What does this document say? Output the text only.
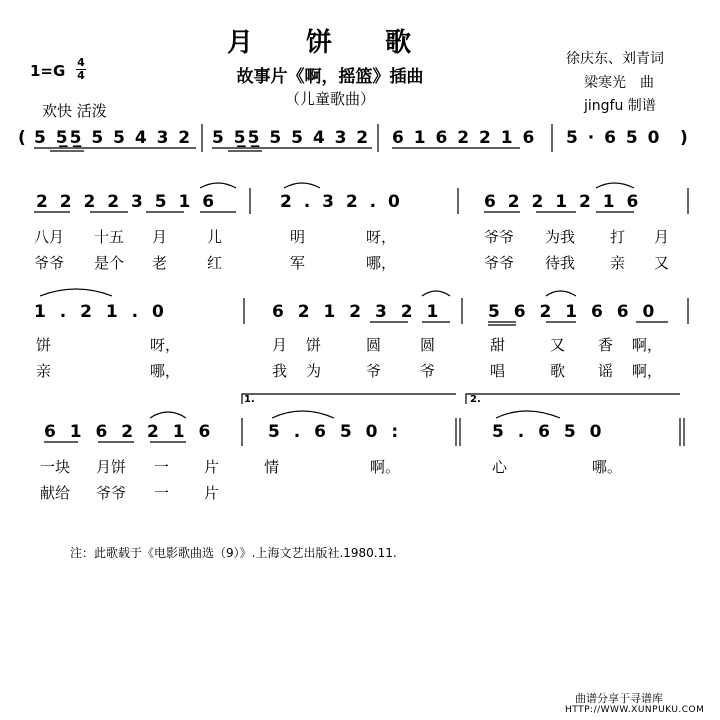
月 饼 歌
故事片《啊，摇篮》插曲
（儿童歌曲）
徐庆东、刘青词
梁寒光　曲
jingfu 制谱
1=G 4
4
欢快 活泼
( 5 5̲5̲ 5 5 4 3 2 5 5̲5̲ 5 5 4 3 2 6 1 6 2 2 1 6 5 · 6 5 0 )
2 2 2 2 3 5 1 6	2 . 3 2 . 0	6 2 2 1 2 1 6
八月 十五 月	儿	明	呀，	爷爷 为我 打 月
爷爷 是个 老	红	军	哪，	爷爷 待我 亲 又
1 . 2 1 . 0	6 2 1 2 3 2 1	5 6 2 1 6 6 0
饼	呀，	月 饼	圆	圆	甜	又 香 啊，
亲	哪，	我 为	爷	爷	唱	歌 谣 啊，
1.	2.
6 1 6 2 2 1 6	5 . 6 5 0 :	5 . 6 5 0
一块 月饼 一 片	情	啊。	心	哪。
献给 爷爷 一 片
注：此歌载于《电影歌曲选（9）》.上海文艺出版社.1980.11.
曲谱分享于寻谱库
HTTP://WWW.XUNPUKU.COM
